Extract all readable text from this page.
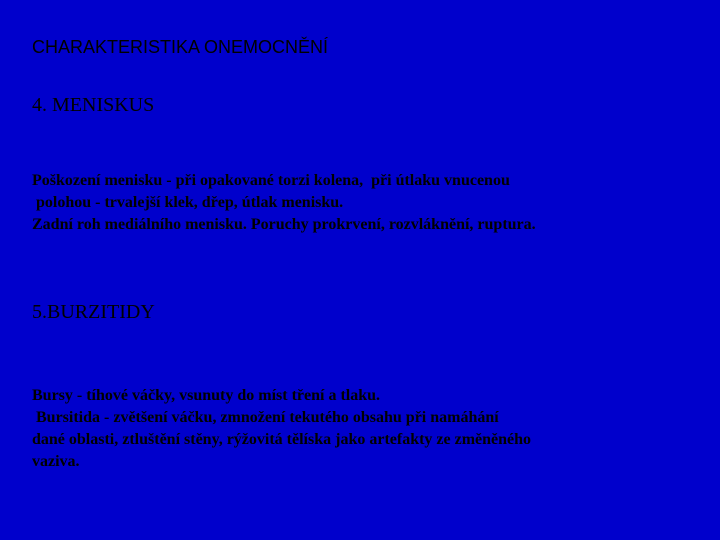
CHARAKTERISTIKA ONEMOCNĚNÍ
4. MENISKUS
Poškození menisku - při opakované torzi kolena,  při útlaku vnucenou
polohou - trvalejší klek, dřep, útlak menisku.
Zadní roh mediálního menisku. Poruchy prokrvení, rozvláknění, ruptura.
5.BURZITIDY
Bursy - tíhové váčky, vsunuty do míst tření a tlaku.
Bursitida - zvětšení váčku, zmnožení tekutého obsahu při namáhání
dané oblasti, ztluštění stěny, rýžovitá tělíska jako artefakty ze změněného
vaziva.
